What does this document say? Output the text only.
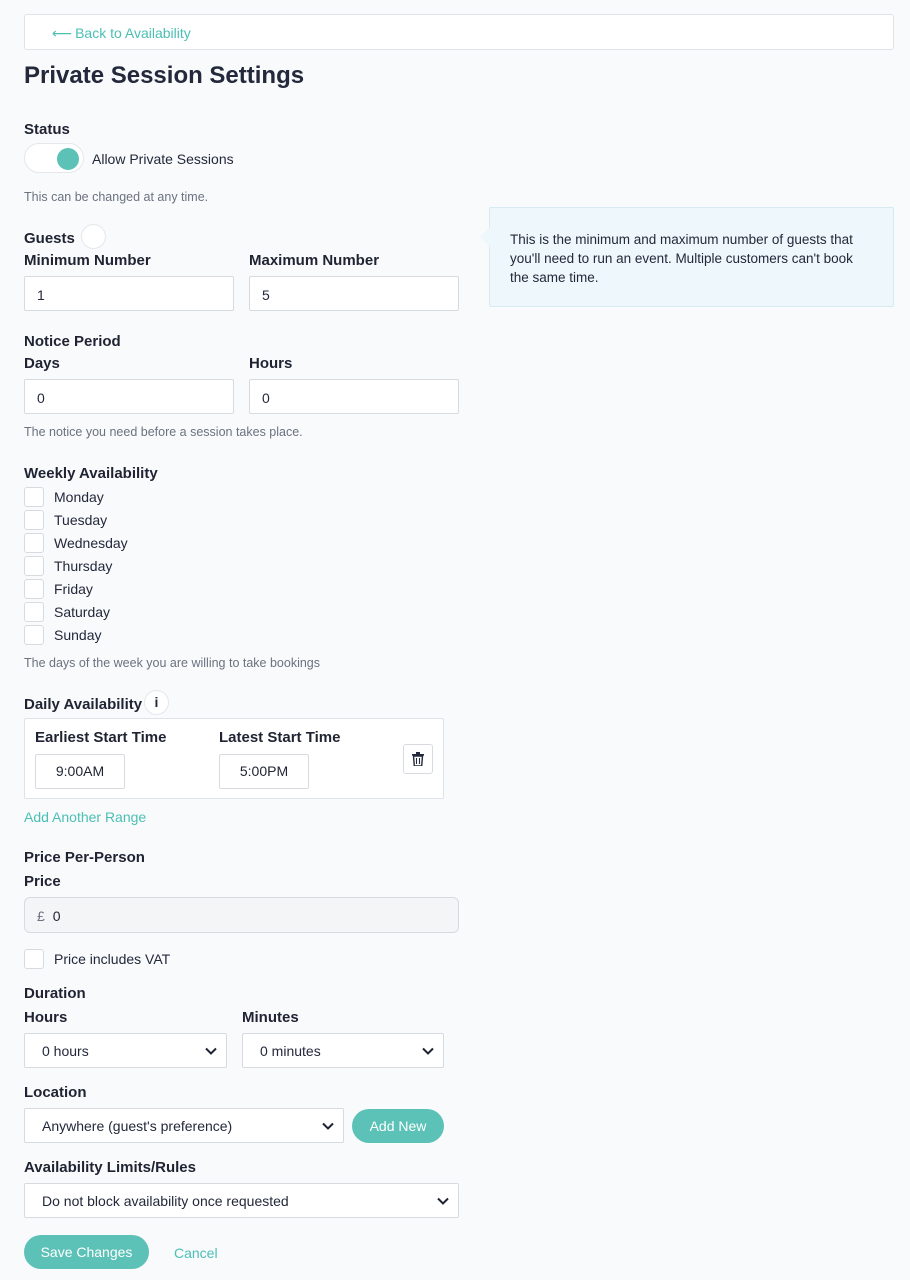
⟵ Back to Availability
Private Session Settings
Status
Allow Private Sessions
This can be changed at any time.
Guests
Minimum Number	Maximum Number
1	5
This is the minimum and maximum number of guests that you'll need to run an event. Multiple customers can't book the same time.
Notice Period
Days	Hours
0	0
The notice you need before a session takes place.
Weekly Availability
Monday
Tuesday
Wednesday
Thursday
Friday
Saturday
Sunday
The days of the week you are willing to take bookings
Daily Availability i
Earliest Start Time	Latest Start Time
9:00AM	5:00PM
Add Another Range
Price Per-Person
Price
£ 0
Price includes VAT
Duration
Hours	Minutes
0 hours	0 minutes
Location
Anywhere (guest's preference)	Add New
Availability Limits/Rules
Do not block availability once requested
Save Changes	Cancel
